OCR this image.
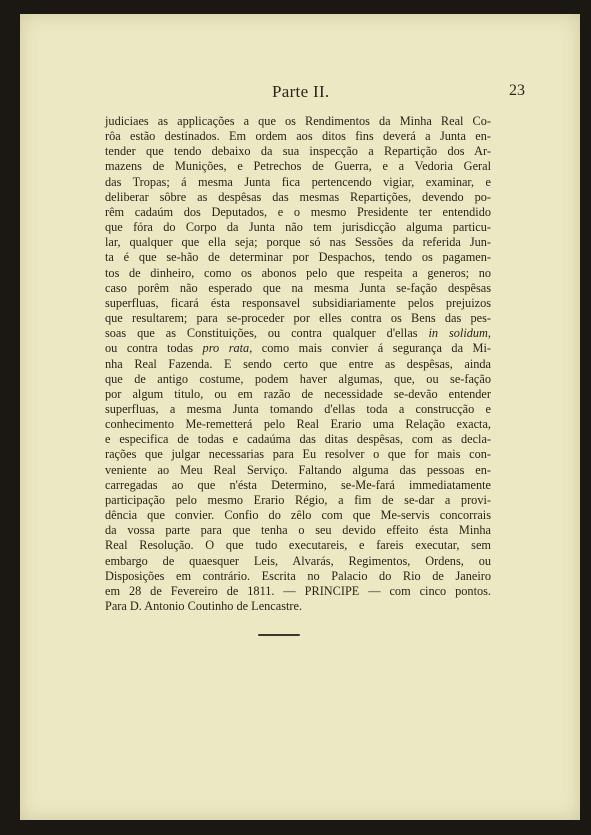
Parte II.	23
judiciaes as applicações a que os Rendimentos da Minha Real Co-
rôa estão destinados. Em ordem aos ditos fins deverá a Junta en-
tender que tendo debaixo da sua inspecção a Repartição dos Ar-
mazens de Munições, e Petrechos de Guerra, e a Vedoria Geral
das Tropas; á mesma Junta fica pertencendo vigiar, examinar, e
deliberar sôbre as despêsas das mesmas Repartições, devendo po-
rêm cadaúm dos Deputados, e o mesmo Presidente ter entendido
que fóra do Corpo da Junta não tem jurisdicção alguma particu-
lar, qualquer que ella seja; porque só nas Sessões da referida Jun-
ta é que se-hão de determinar por Despachos, tendo os pagamen-
tos de dinheiro, como os abonos pelo que respeita a generos; no
caso porêm não esperado que na mesma Junta se-fação despêsas
superfluas, ficará ésta responsavel subsidiariamente pelos prejuizos
que resultarem; para se-proceder por elles contra os Bens das pes-
soas que as Constituições, ou contra qualquer d'ellas in solidum,
ou contra todas pro rata, como mais convier á segurança da Mi-
nha Real Fazenda. E sendo certo que entre as despêsas, ainda
que de antigo costume, podem haver algumas, que, ou se-fação
por algum titulo, ou em razão de necessidade se-devão entender
superfluas, a mesma Junta tomando d'ellas toda a construcção e
conhecimento Me-remetterá pelo Real Erario uma Relação exacta,
e especifica de todas e cadaúma das ditas despêsas, com as decla-
rações que julgar necessarias para Eu resolver o que for mais con-
veniente ao Meu Real Serviço. Faltando alguma das pessoas en-
carregadas ao que n'ésta Determino, se-Me-fará immediatamente
participação pelo mesmo Erario Régio, a fim de se-dar a provi-
dência que convier. Confio do zêlo com que Me-servis concorrais
da vossa parte para que tenha o seu devido effeito ésta Minha
Real Resolução. O que tudo executareis, e fareis executar, sem
embargo de quaesquer Leis, Alvarás, Regimentos, Ordens, ou
Disposições em contrário. Escrita no Palacio do Rio de Janeiro
em 28 de Fevereiro de 1811. — PRINCIPE — com cinco pontos.
Para D. Antonio Coutinho de Lencastre.
